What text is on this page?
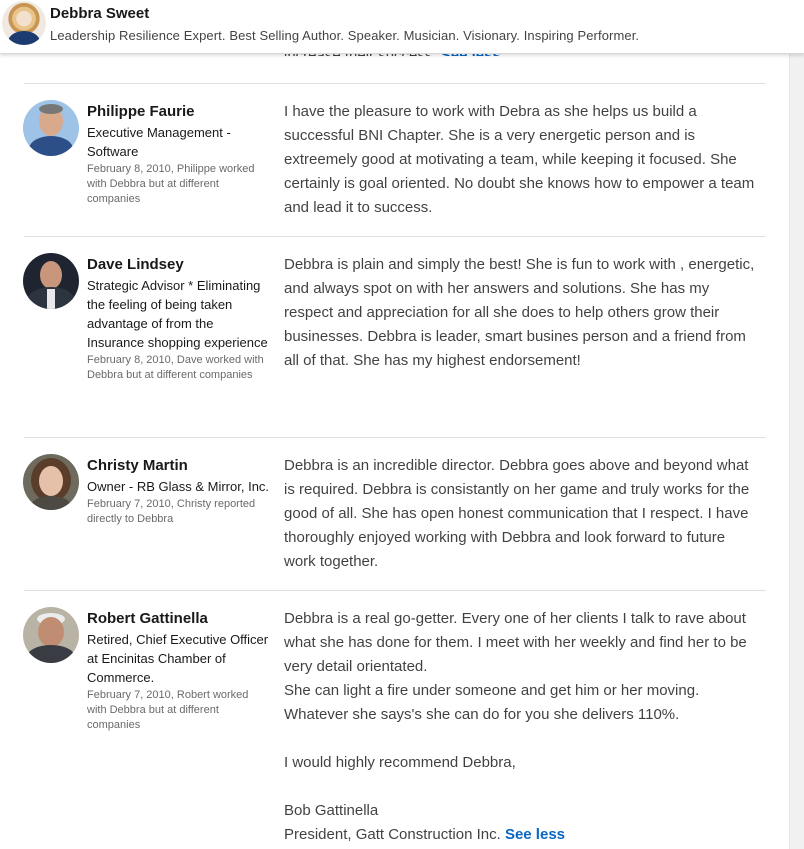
Philippe Faurie
Executive Management - Software
February 8, 2010, Philippe worked with Debbra but at different companies

I have the pleasure to work with Debra as she helps us build a successful BNI Chapter. She is a very energetic person and is extreemely good at motivating a team, while keeping it focused. She certainly is goal oriented. No doubt she knows how to empower a team and lead it to success.

Dave Lindsey
Strategic Advisor * Eliminating the feeling of being taken advantage of from the Insurance shopping experience
February 8, 2010, Dave worked with Debbra but at different companies

Debbra is plain and simply the best! She is fun to work with , energetic, and always spot on with her answers and solutions. She has my respect and appreciation for all she does to help others grow their businesses. Debbra is leader, smart busines person and a friend from all of that. She has my highest endorsement!

Christy Martin
Owner - RB Glass & Mirror, Inc.
February 7, 2010, Christy reported directly to Debbra

Debbra is an incredible director. Debbra goes above and beyond what is required. Debbra is consistantly on her game and truly works for the good of all. She has open honest communication that I respect. I have thoroughly enjoyed working with Debbra and look forward to future work together.

Robert Gattinella
Retired, Chief Executive Officer at Encinitas Chamber of Commerce.
February 7, 2010, Robert worked with Debbra but at different companies

Debbra is a real go-getter. Every one of her clients I talk to rave about what she has done for them. I meet with her weekly and find her to be very detail orientated.

She can light a fire under someone and get him or her moving. Whatever she says's she can do for you she delivers 110%.

I would highly recommend Debbra,

Bob Gattinella

President, Gatt Construction Inc. See less

Debbra Sweet
Leadership Resilience Expert. Best Selling Author. Speaker. Musician. Visionary. Inspiring Performer.
